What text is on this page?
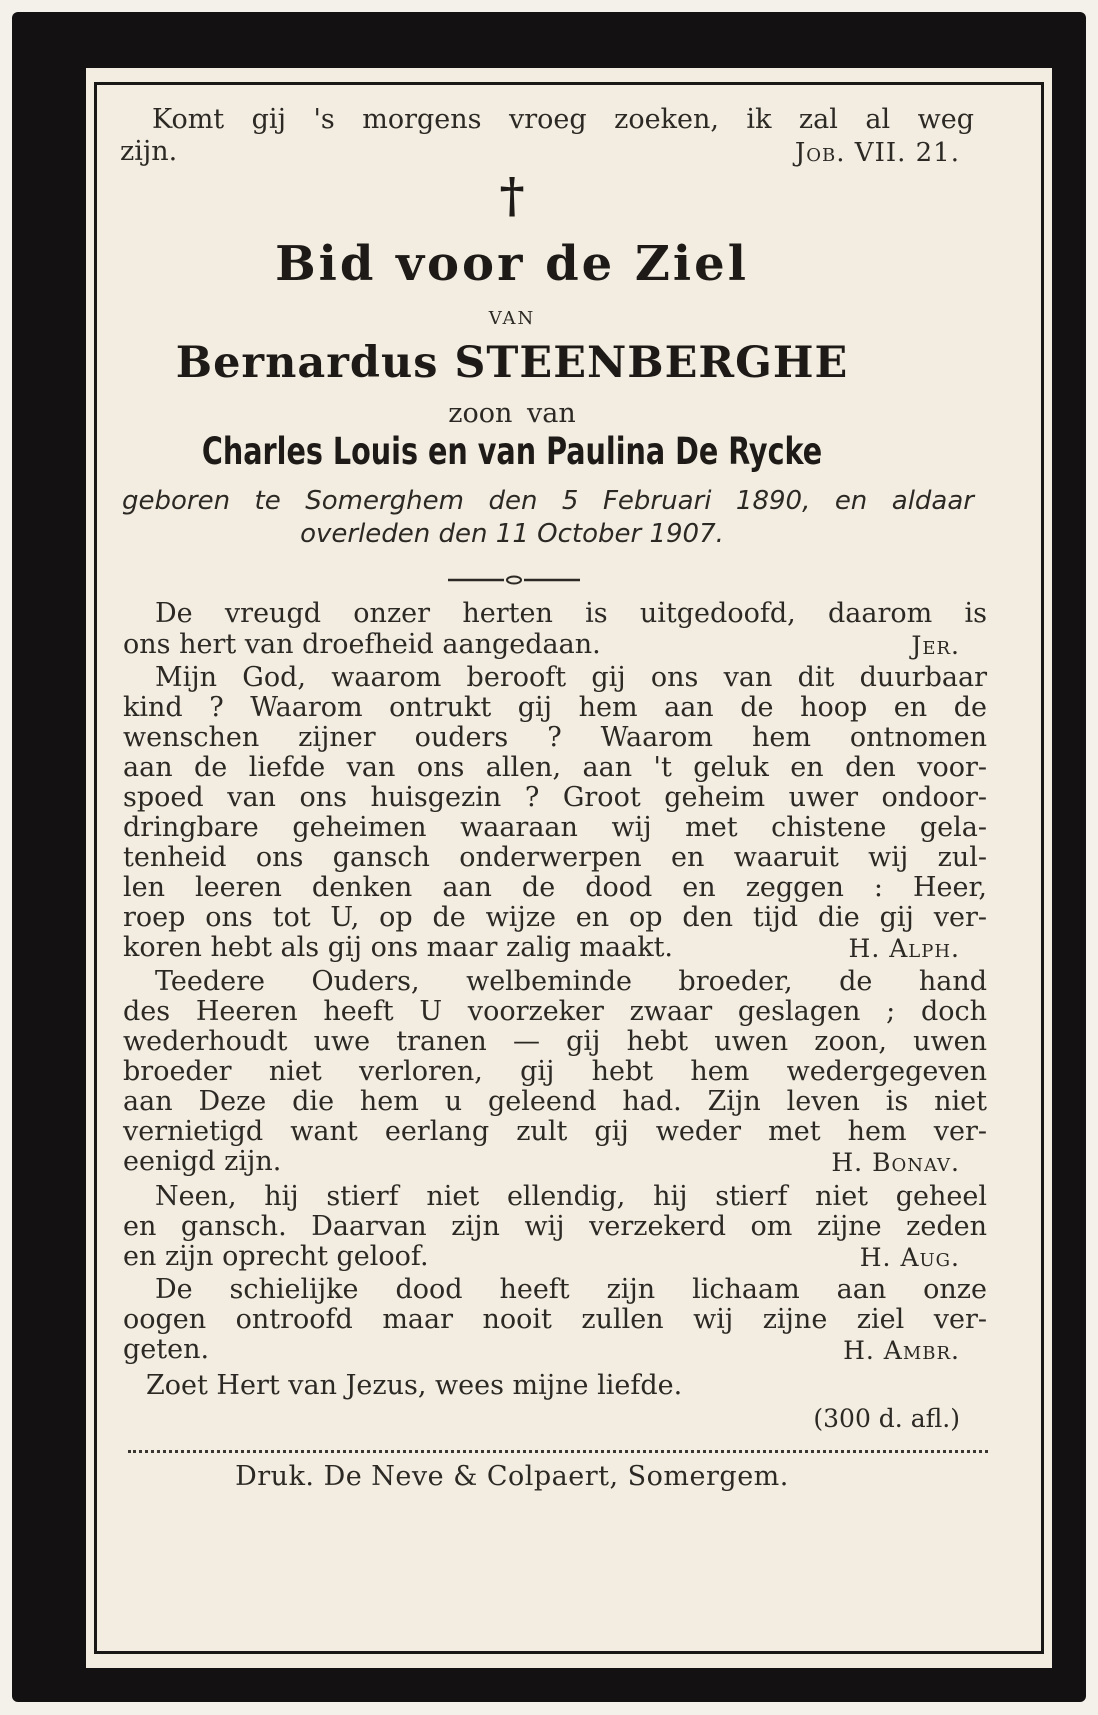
Komt gij 's morgens vroeg zoeken, ik zal al weg
zijn.	Job. VII. 21.
†
Bid voor de Ziel
VAN
Bernardus STEENBERGHE
zoon van
Charles Louis en van Paulina De Rycke
geboren te Somerghem den 5 Februari 1890, en aldaar
overleden den 11 October 1907.
De vreugd onzer herten is uitgedoofd, daarom is
ons hert van droefheid aangedaan.	Jer.
Mijn God, waarom berooft gij ons van dit duurbaar
kind ? Waarom ontrukt gij hem aan de hoop en de
wenschen zijner ouders ? Waarom hem ontnomen
aan de liefde van ons allen, aan 't geluk en den voor-
spoed van ons huisgezin ? Groot geheim uwer ondoor-
dringbare geheimen waaraan wij met chistene gela-
tenheid ons gansch onderwerpen en waaruit wij zul-
len leeren denken aan de dood en zeggen : Heer,
roep ons tot U, op de wijze en op den tijd die gij ver-
koren hebt als gij ons maar zalig maakt.	H. Alph.
Teedere Ouders, welbeminde broeder, de hand
des Heeren heeft U voorzeker zwaar geslagen ; doch
wederhoudt uwe tranen — gij hebt uwen zoon, uwen
broeder niet verloren, gij hebt hem wedergegeven
aan Deze die hem u geleend had. Zijn leven is niet
vernietigd want eerlang zult gij weder met hem ver-
eenigd zijn.	H. Bonav.
Neen, hij stierf niet ellendig, hij stierf niet geheel
en gansch. Daarvan zijn wij verzekerd om zijne zeden
en zijn oprecht geloof.	H. Aug.
De schielijke dood heeft zijn lichaam aan onze
oogen ontroofd maar nooit zullen wij zijne ziel ver-
geten.	H. Ambr.
Zoet Hert van Jezus, wees mijne liefde.
(300 d. afl.)
Druk. De Neve & Colpaert, Somergem.
